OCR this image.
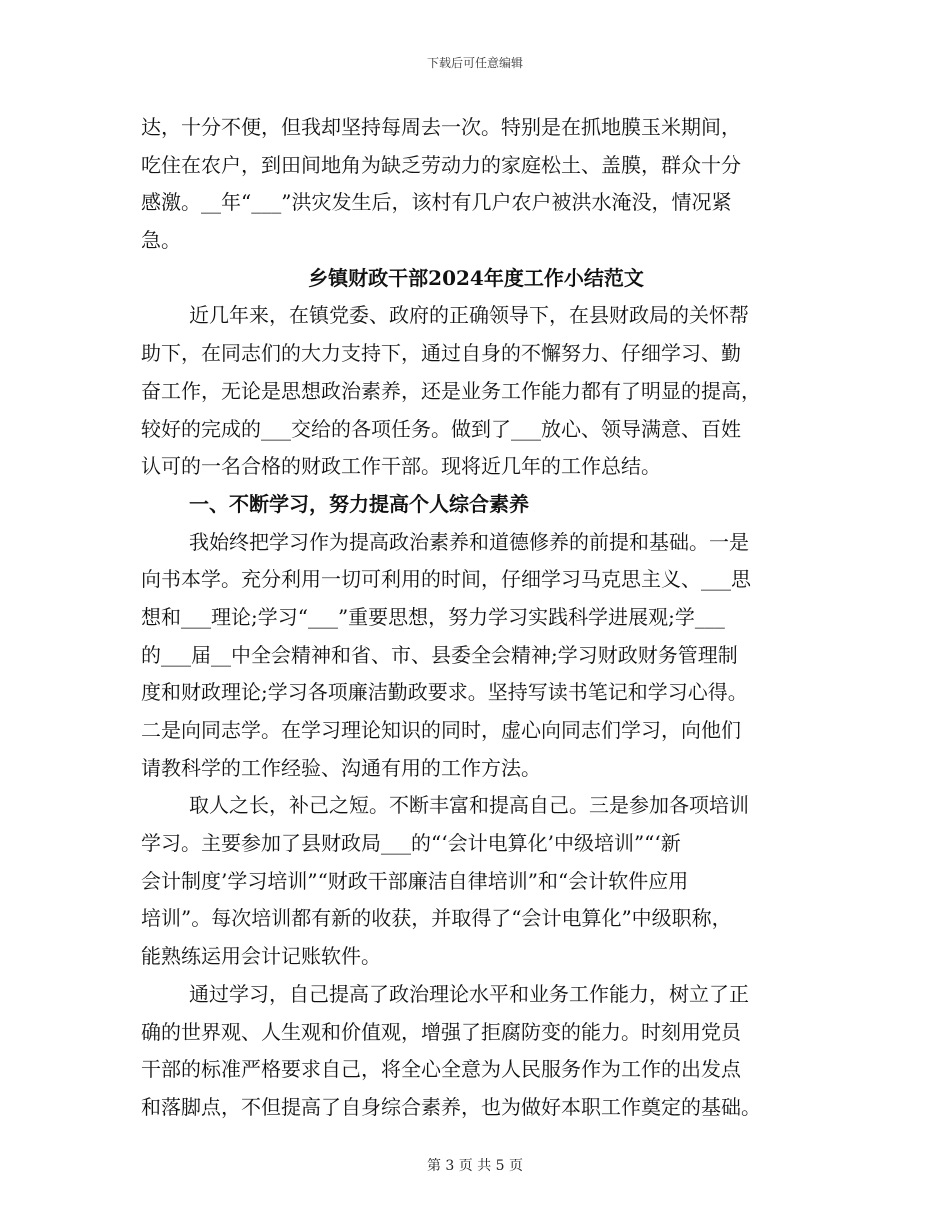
下载后可任意编辑
达，十分不便，但我却坚持每周去一次。特别是在抓地膜玉米期间，
吃住在农户，到田间地角为缺乏劳动力的家庭松土、盖膜，群众十分
感激。__年“___”洪灾发生后，该村有几户农户被洪水淹没，情况紧
急。
乡镇财政干部2024年度工作小结范文
近几年来，在镇党委、政府的正确领导下，在县财政局的关怀帮
助下，在同志们的大力支持下，通过自身的不懈努力、仔细学习、勤
奋工作，无论是思想政治素养，还是业务工作能力都有了明显的提高，
较好的完成的___交给的各项任务。做到了___放心、领导满意、百姓
认可的一名合格的财政工作干部。现将近几年的工作总结。
一、不断学习，努力提高个人综合素养
我始终把学习作为提高政治素养和道德修养的前提和基础。一是
向书本学。充分利用一切可利用的时间，仔细学习马克思主义、___思
想和___理论;学习“___”重要思想，努力学习实践科学进展观;学___
的___届__中全会精神和省、市、县委全会精神;学习财政财务管理制
度和财政理论;学习各项廉洁勤政要求。坚持写读书笔记和学习心得。
二是向同志学。在学习理论知识的同时，虚心向同志们学习，向他们
请教科学的工作经验、沟通有用的工作方法。
取人之长，补己之短。不断丰富和提高自己。三是参加各项培训
学习。主要参加了县财政局___的“‘会计电算化’中级培训”“‘新
会计制度’学习培训”“财政干部廉洁自律培训”和“会计软件应用
培训”。每次培训都有新的收获，并取得了“会计电算化”中级职称，
能熟练运用会计记账软件。
通过学习，自己提高了政治理论水平和业务工作能力，树立了正
确的世界观、人生观和价值观，增强了拒腐防变的能力。时刻用党员
干部的标准严格要求自己，将全心全意为人民服务作为工作的出发点
和落脚点，不但提高了自身综合素养，也为做好本职工作奠定的基础。
第 3 页 共 5 页
